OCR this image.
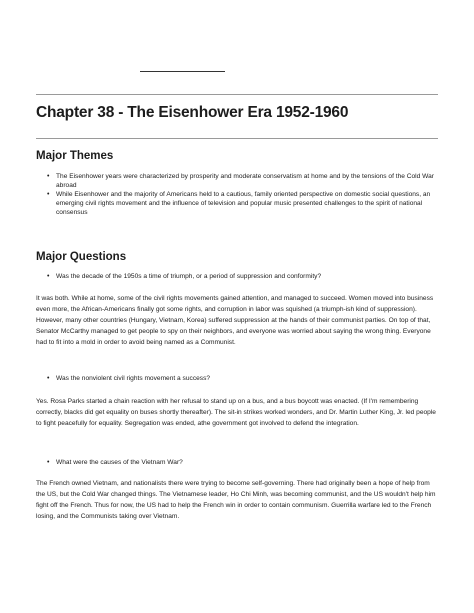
Chapter 38 - The Eisenhower Era 1952-1960
Major Themes
• The Eisenhower years were characterized by prosperity and moderate conservatism at home and by the tensions of the Cold War abroad
• While Eisenhower and the majority of Americans held to a cautious, family oriented perspective on domestic social questions, an emerging civil rights movement and the influence of television and popular music presented challenges to the spirit of national consensus
Major Questions
• Was the decade of the 1950s a time of triumph, or a period of suppression and conformity?

It was both. While at home, some of the civil rights movements gained attention, and managed to succeed. Women moved into business even more, the African-Americans finally got some rights, and corruption in labor was squished (a triumph-ish kind of suppression). However, many other countries (Hungary, Vietnam, Korea) suffered suppression at the hands of their communist parties. On top of that, Senator McCarthy managed to get people to spy on their neighbors, and everyone was worried about saying the wrong thing. Everyone had to fit into a mold in order to avoid being named as a Communist.

• Was the nonviolent civil rights movement a success?

Yes. Rosa Parks started a chain reaction with her refusal to stand up on a bus, and a bus boycott was enacted. (If I'm remembering correctly, blacks did get equality on buses shortly thereafter). The sit-in strikes worked wonders, and Dr. Martin Luther King, Jr. led people to fight peacefully for equality. Segregation was ended, athe government got involved to defend the integration.

• What were the causes of the Vietnam War?

The French owned Vietnam, and nationalists there were trying to become self-governing. There had originally been a hope of help from the US, but the Cold War changed things. The Vietnamese leader, Ho Chi Minh, was becoming communist, and the US wouldn't help him fight off the French. Thus for now, the US had to help the French win in order to contain communism. Guerrilla warfare led to the French losing, and the Communists taking over Vietnam.
